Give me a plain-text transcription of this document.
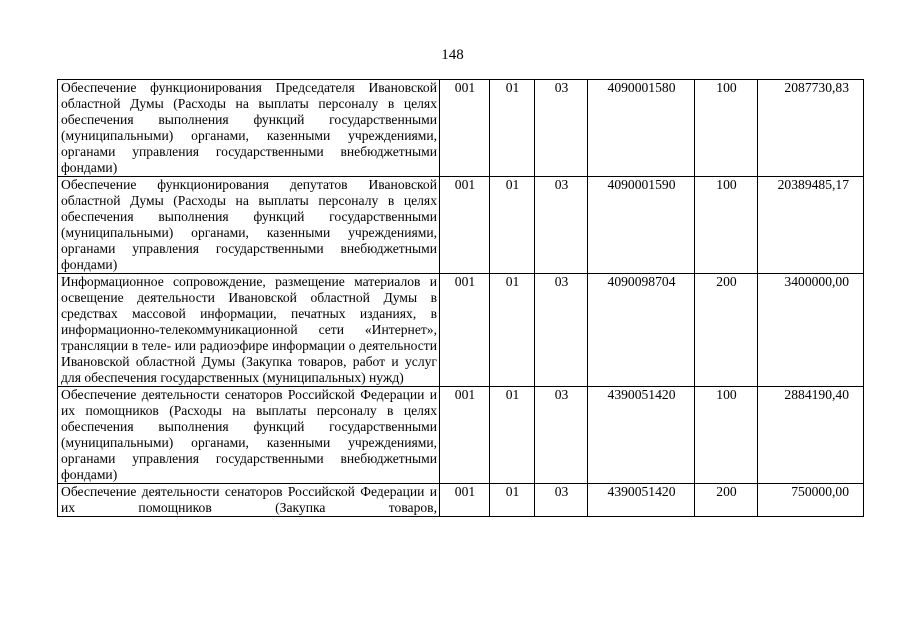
148
Обеспечение функционирования Председателя Ивановской областной Думы (Расходы на выплаты персоналу в целях обеспечения выполнения функций государственными (муниципальными) органами, казенными учреждениями, органами управления государственными внебюджетными фондами)	001	01	03	4090001580	100	2087730,83
Обеспечение функционирования депутатов Ивановской областной Думы (Расходы на выплаты персоналу в целях обеспечения выполнения функций государственными (муниципальными) органами, казенными учреждениями, органами управления государственными внебюджетными фондами)	001	01	03	4090001590	100	20389485,17
Информационное сопровождение, размещение материалов и освещение деятельности Ивановской областной Думы в средствах массовой информации, печатных изданиях, в информационно-телекоммуникационной сети «Интернет», трансляции в теле- или радиоэфире информации о деятельности Ивановской областной Думы (Закупка товаров, работ и услуг для обеспечения государственных (муниципальных) нужд)	001	01	03	4090098704	200	3400000,00
Обеспечение деятельности сенаторов Российской Федерации и их помощников (Расходы на выплаты персоналу в целях обеспечения выполнения функций государственными (муниципальными) органами, казенными учреждениями, органами управления государственными внебюджетными фондами)	001	01	03	4390051420	100	2884190,40
Обеспечение деятельности сенаторов Российской Федерации и их помощников (Закупка товаров,	001	01	03	4390051420	200	750000,00
